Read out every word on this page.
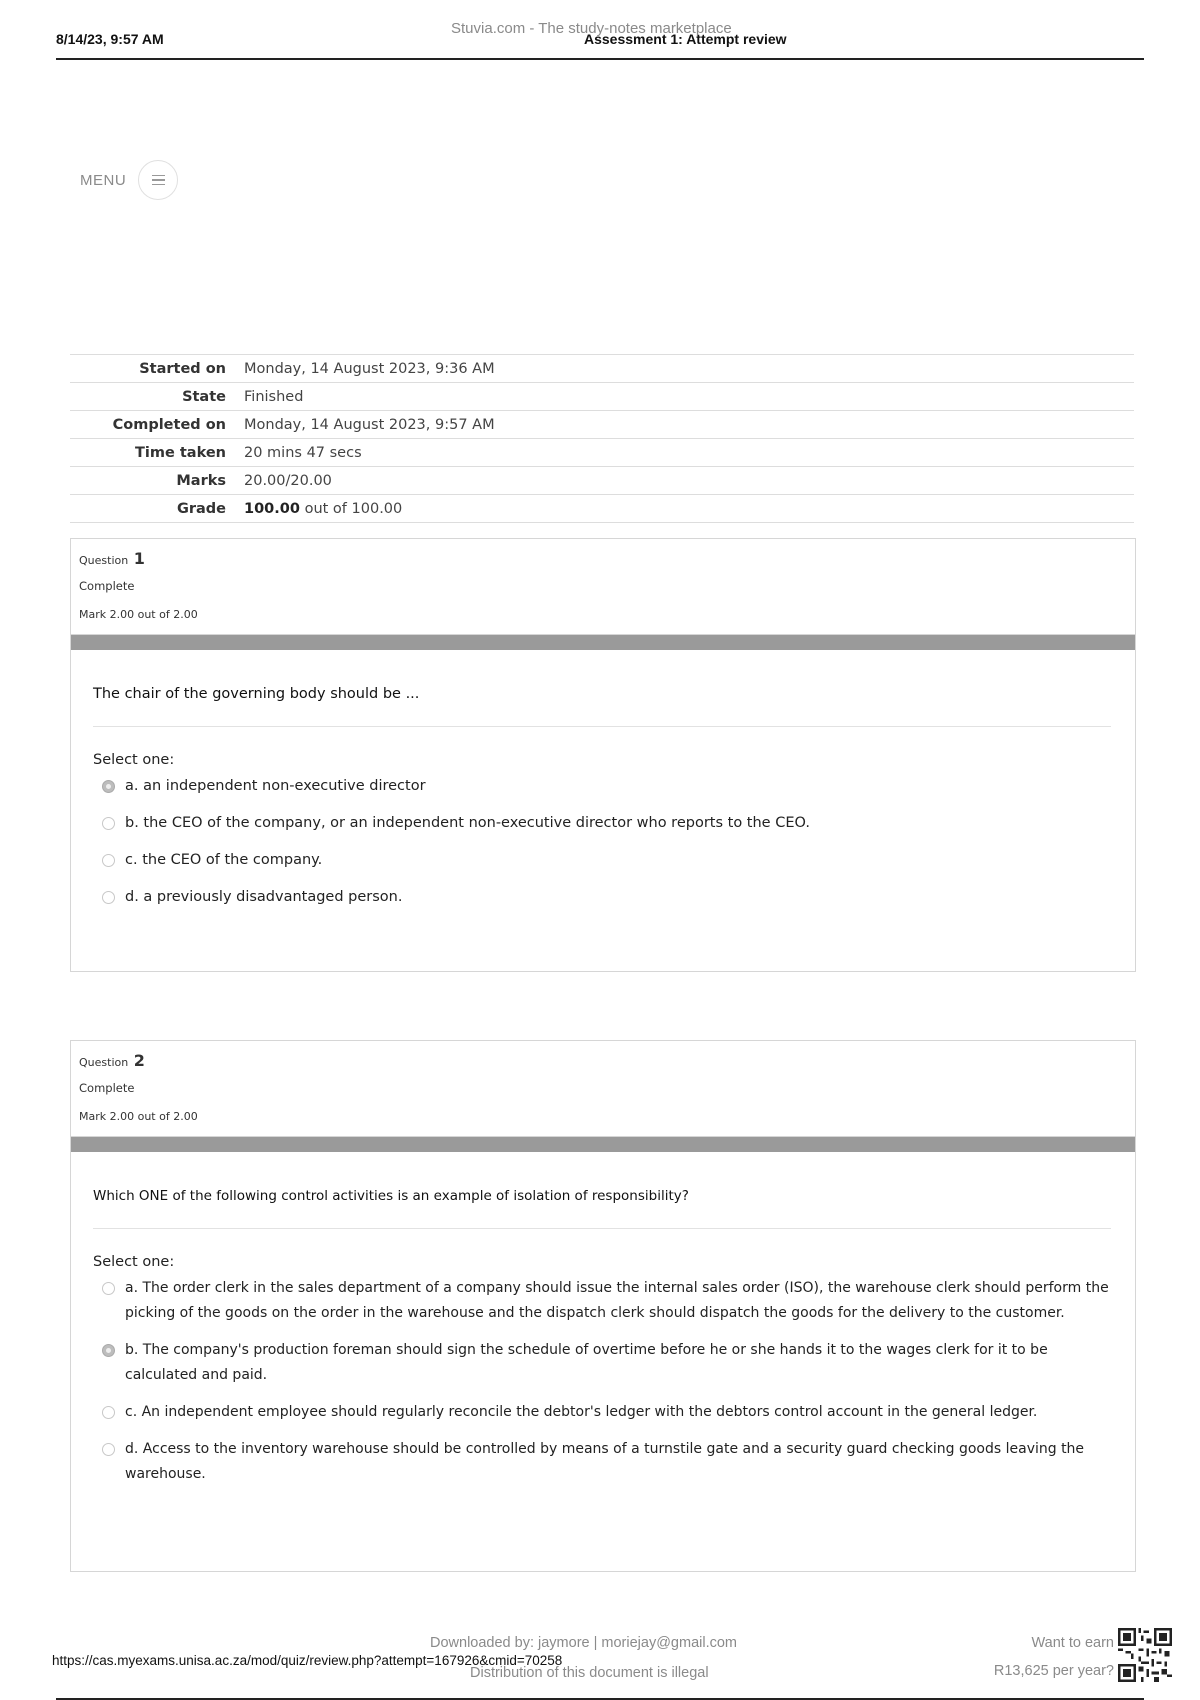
8/14/23, 9:57 AM
Stuvia.com - The study-notes marketplace
Assessment 1: Attempt review
MENU
Started on Monday, 14 August 2023, 9:36 AM
State Finished
Completed on Monday, 14 August 2023, 9:57 AM
Time taken 20 mins 47 secs
Marks 20.00/20.00
Grade 100.00 out of 100.00
Question 1
Complete
Mark 2.00 out of 2.00
The chair of the governing body should be ...
Select one:
a. an independent non-executive director
b. the CEO of the company, or an independent non-executive director who reports to the CEO.
c. the CEO of the company.
d. a previously disadvantaged person.
Question 2
Complete
Mark 2.00 out of 2.00
Which ONE of the following control activities is an example of isolation of responsibility?
Select one:
a. The order clerk in the sales department of a company should issue the internal sales order (ISO), the warehouse clerk should perform the picking of the goods on the order in the warehouse and the dispatch clerk should dispatch the goods for the delivery to the customer.
b. The company's production foreman should sign the schedule of overtime before he or she hands it to the wages clerk for it to be calculated and paid.
c. An independent employee should regularly reconcile the debtor's ledger with the debtors control account in the general ledger.
d. Access to the inventory warehouse should be controlled by means of a turnstile gate and a security guard checking goods leaving the warehouse.
Downloaded by: jaymore | moriejay@gmail.com
https://cas.myexams.unisa.ac.za/mod/quiz/review.php?attempt=167926&cmid=70258
Distribution of this document is illegal
Want to earn
R13,625 per year?
